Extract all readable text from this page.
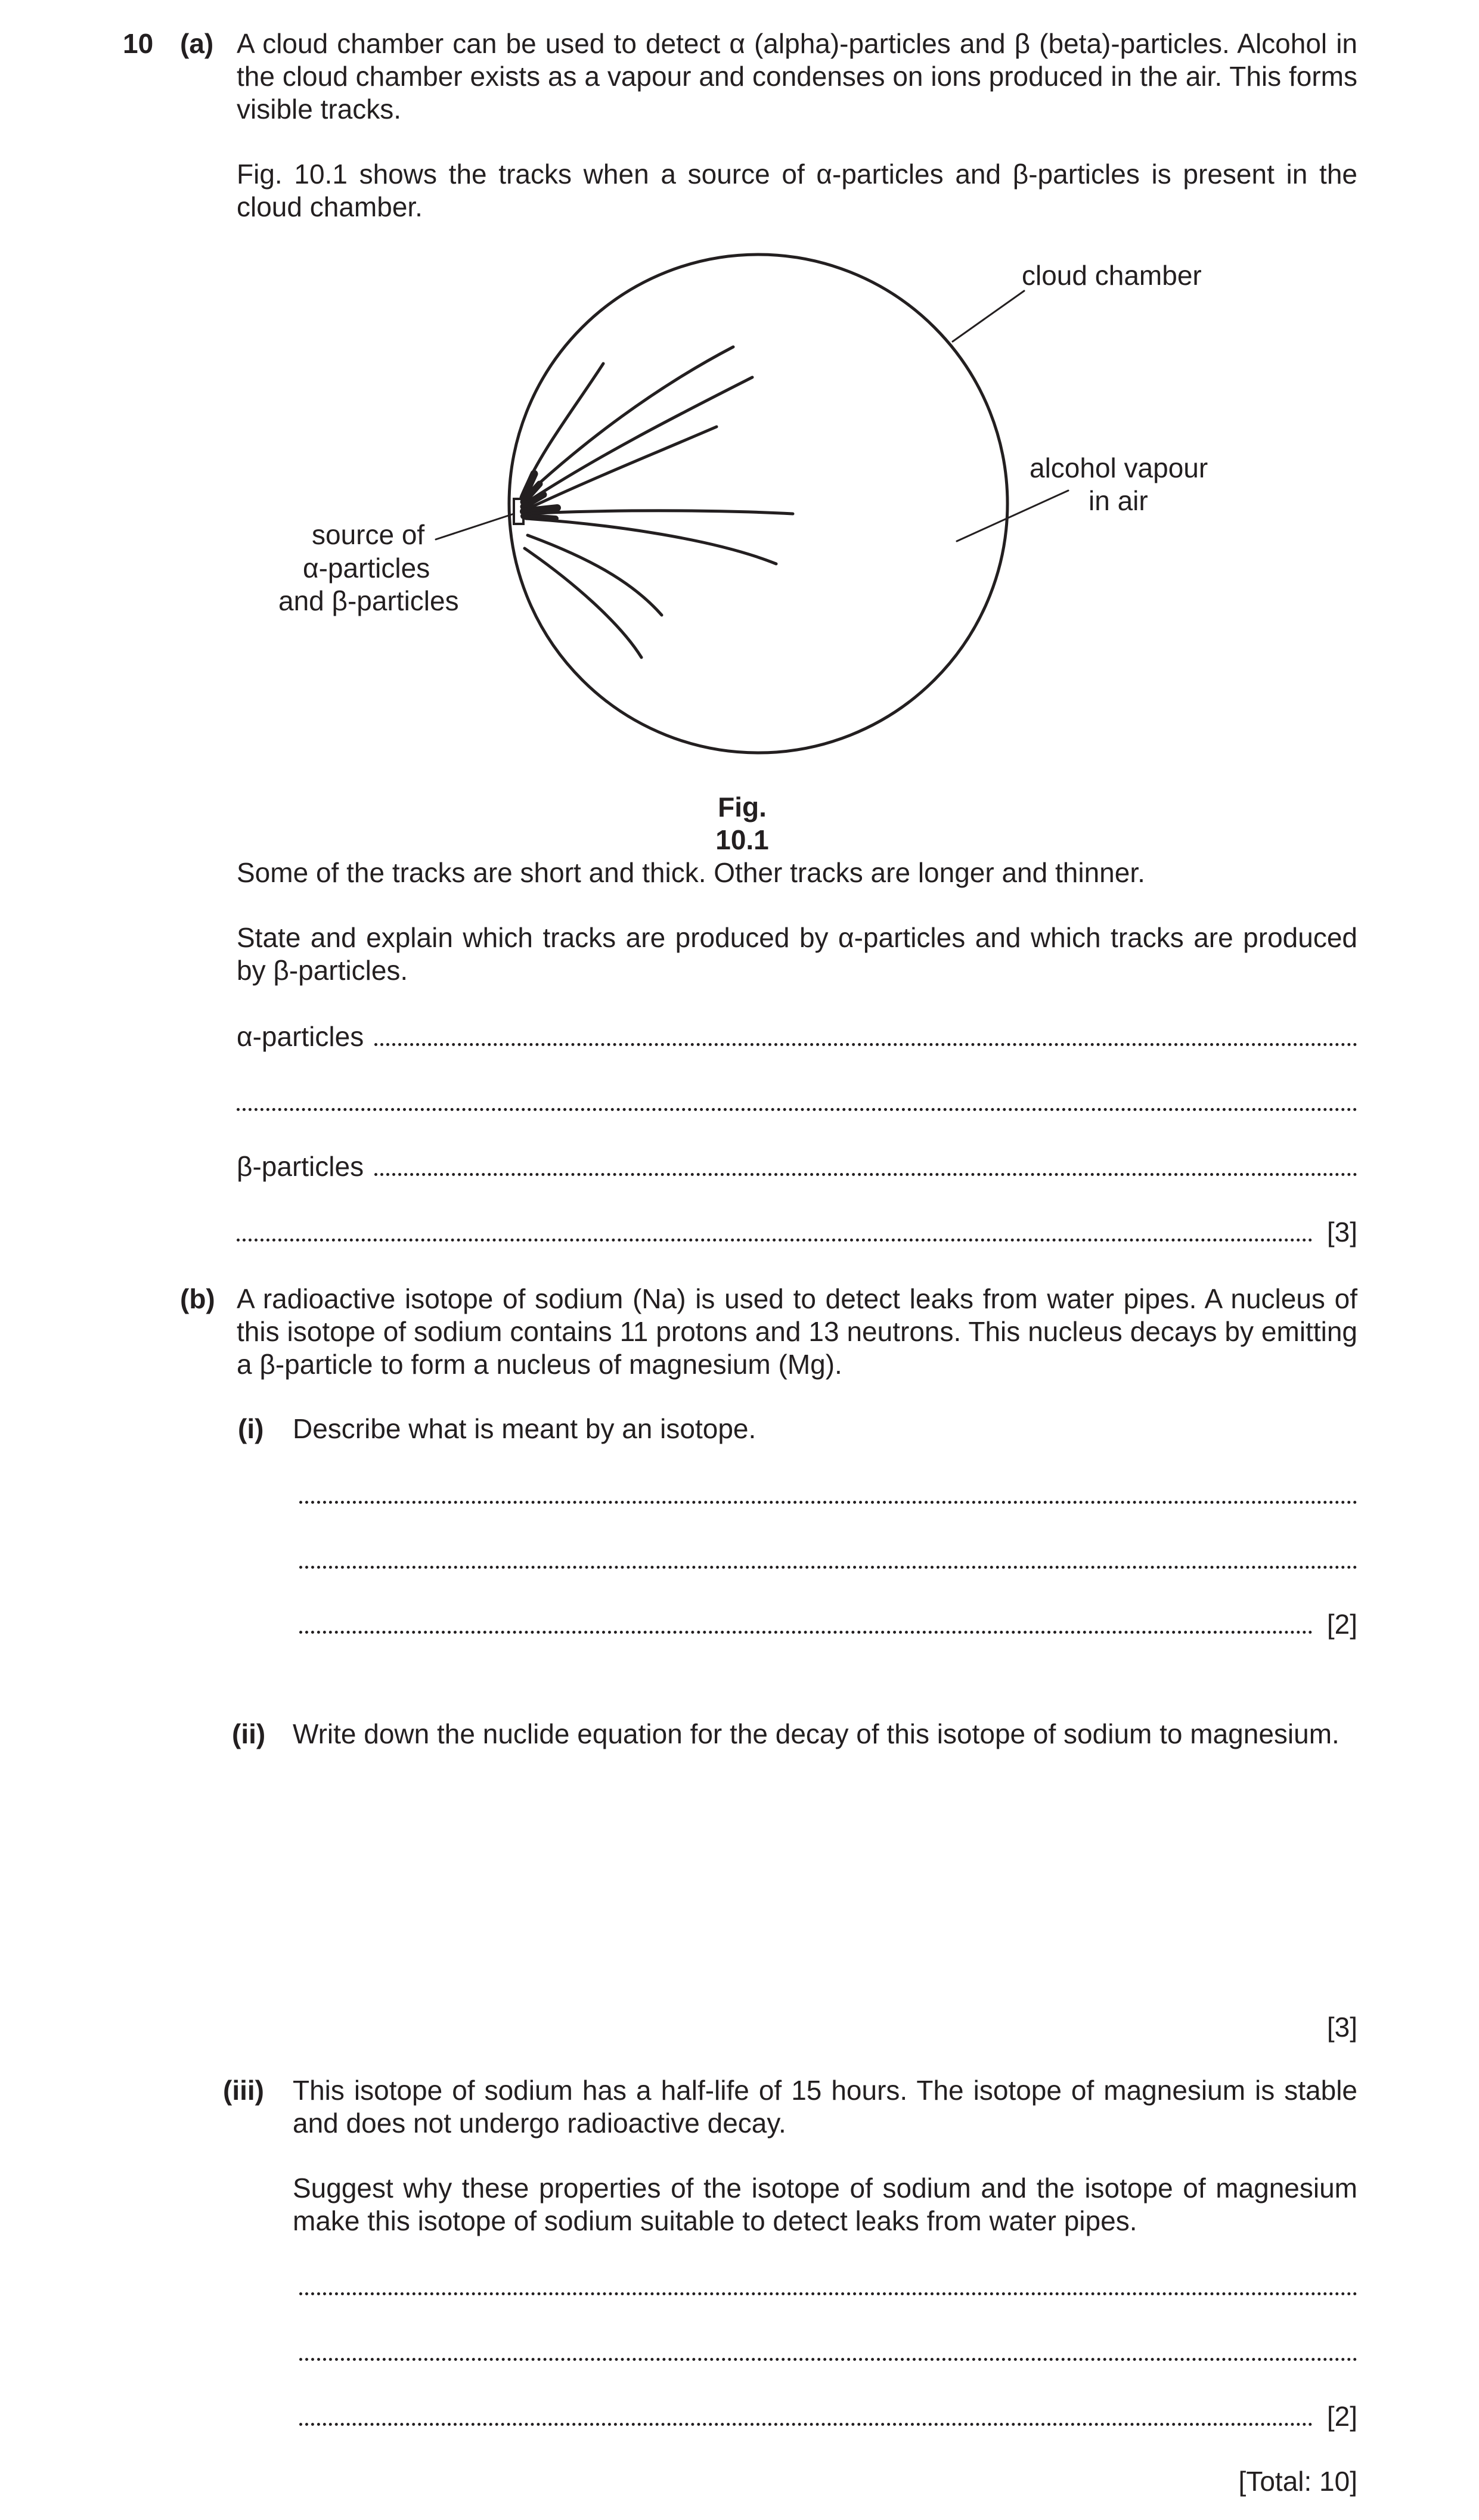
10 (a) A cloud chamber can be used to detect α (alpha)-particles and β (beta)-particles. Alcohol in the cloud chamber exists as a vapour and condenses on ions produced in the air. This forms visible tracks.
Fig. 10.1 shows the tracks when a source of α-particles and β-particles is present in the cloud chamber.
cloud chamber
alcohol vapour
in air
source of
α-particles
and β-particles
Fig. 10.1
Some of the tracks are short and thick. Other tracks are longer and thinner.
State and explain which tracks are produced by α-particles and which tracks are produced by β-particles.
α-particles
β-particles
[3]
(b) A radioactive isotope of sodium (Na) is used to detect leaks from water pipes. A nucleus of this isotope of sodium contains 11 protons and 13 neutrons. This nucleus decays by emitting a β-particle to form a nucleus of magnesium (Mg).
(i) Describe what is meant by an isotope.
[2]
(ii) Write down the nuclide equation for the decay of this isotope of sodium to magnesium.
[3]
(iii) This isotope of sodium has a half-life of 15 hours. The isotope of magnesium is stable and does not undergo radioactive decay.
Suggest why these properties of the isotope of sodium and the isotope of magnesium make this isotope of sodium suitable to detect leaks from water pipes.
[2]
[Total: 10]
